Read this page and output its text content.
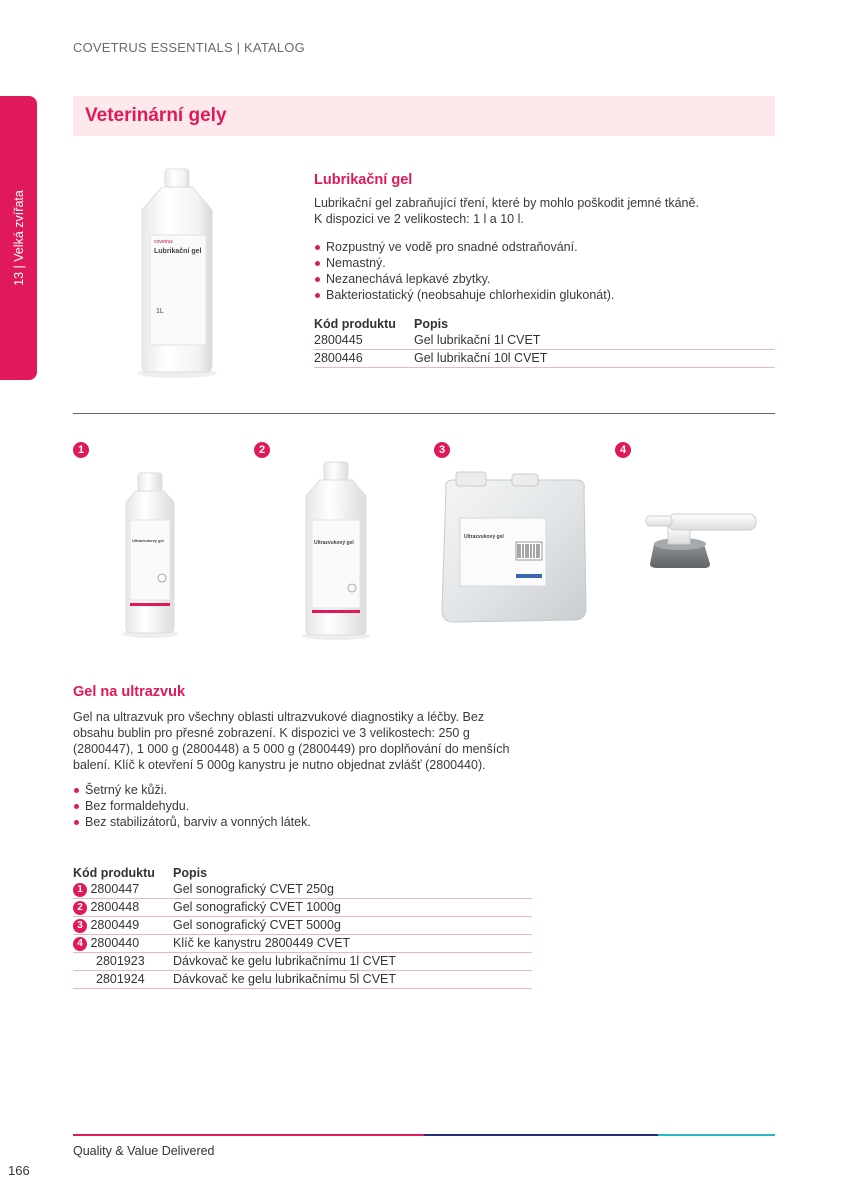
COVETRUS ESSENTIALS | KATALOG
13 | Velká zvířata
Veterinární gely
covetrus
Lubrikační gel
1L
Lubrikační gel
Lubrikační gel zabraňující tření, které by mohlo poškodit jemné tkáně.
K dispozici ve 2 velikostech: 1 l a 10 l.
Rozpustný ve vodě pro snadné odstraňování.
Nemastný.
Nezanechává lepkavé zbytky.
Bakteriostatický (neobsahuje chlorhexidin glukonát).
Kód produktu	Popis
2800445	Gel lubrikační 1l CVET
2800446	Gel lubrikační 10l CVET
1	2	3	4
Ultrazvukový gel	Ultrazvukový gel
Ultrazvukový gel
Gel na ultrazvuk
Gel na ultrazvuk pro všechny oblasti ultrazvukové diagnostiky a léčby. Bez
obsahu bublin pro přesné zobrazení. K dispozici ve 3 velikostech: 250 g
(2800447), 1 000 g (2800448) a 5 000 g (2800449) pro doplňování do menších
balení. Klíč k otevření 5 000g kanystru je nutno objednat zvlášť (2800440).
Šetrný ke kůži.
Bez formaldehydu.
Bez stabilizátorů, barviv a vonných látek.
Kód produktu	Popis
1 2800447	Gel sonografický CVET 250g
2 2800448	Gel sonografický CVET 1000g
3 2800449	Gel sonografický CVET 5000g
4 2800440	Klíč ke kanystru 2800449 CVET
2801923	Dávkovač ke gelu lubrikačnímu 1l CVET
2801924	Dávkovač ke gelu lubrikačnímu 5l CVET
Quality & Value Delivered
166
